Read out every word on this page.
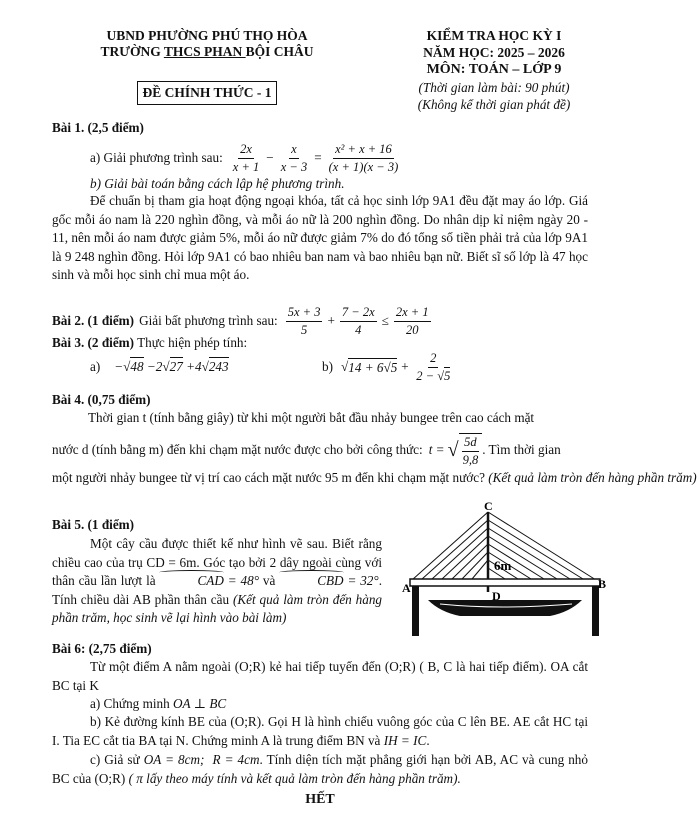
UBND PHƯỜNG PHÚ THỌ HÒA
TRƯỜNG THCS PHAN BỘI CHÂU
ĐỀ CHÍNH THỨC - 1
KIỂM TRA HỌC KỲ I
NĂM HỌC: 2025 – 2026
MÔN: TOÁN – LỚP 9
(Thời gian làm bài: 90 phút)
(Không kể thời gian phát đề)
Bài 1. (2,5 điểm)
a) Giải phương trình sau: $\frac{2x}{x + 1} - \frac{x}{x - 3} = \frac{\text{x² + x + 16}}{(x + 1)(x - 3)}$
b) Giải bài toán bằng cách lập hệ phương trình.
Để chuẩn bị tham gia hoạt động ngoại khóa, tất cả học sinh lớp 9A1 đều đặt may áo lớp. Giá gốc mỗi áo nam là 220 nghìn đồng, và mỗi áo nữ là 200 nghìn đồng. Do nhân dịp kỉ niệm ngày 20 - 11, nên mỗi áo nam được giảm 5%, mỗi áo nữ được giảm 7% do đó tổng số tiền phải trả của lớp 9A1 là 9 248 nghìn đồng. Hỏi lớp 9A1 có bao nhiêu ban nam và bao nhiêu bạn nữ. Biết sĩ số lớp là 47 học sinh và mỗi học sinh chỉ mua một áo.
Bài 2. (1 điểm) Giải bất phương trình sau: $\frac{5x + 3}{5} + \frac{7 - 2x}{4} \le \frac{2x + 1}{20}$
Bài 3. (2 điểm) Thực hiện phép tính:
a) −√48 −2√27 +4√243	b) √ $14 + 6√5 + \frac{2}{2 - √5}$
Bài 4. (0,75 điểm)
Thời gian t (tính bằng giây) từ khi một người bắt đầu nhảy bungee trên cao cách mặt
nước d (tính bằng m) đến khi chạm mặt nước được cho bởi công thức: t = √ $\frac{5d}{9,8}$ . Tìm thời gian
một người nhảy bungee từ vị trí cao cách mặt nước 95 m đến khi chạm mặt nước? (Kết quả làm tròn đến hàng phần trăm)
Bài 5. (1 điểm)
Một cây cầu được thiết kế như hình vẽ sau. Biết rằng chiều cao của trụ CD = 6m. Góc tạo bởi 2 dây ngoài cùng với thân cầu lần lượt là	CAD = 48° và	CBD = 32°. Tính chiều dài AB phần thân cầu (Kết quả làm tròn đến hàng phần trăm, học sinh vẽ lại hình vào bài làm)
C
A	B
D
6m
Bài 6: (2,75 điểm)
Từ một điểm A nằm ngoài (O;R) kẻ hai tiếp tuyến đến (O;R) ( B, C là hai tiếp điểm). OA cắt BC tại K
a) Chứng minh OA ⊥ BC
b) Kẻ đường kính BE của (O;R). Gọi H là hình chiếu vuông góc của C lên BE. AE cắt HC tại I. Tia EC cắt tia BA tại N. Chứng minh A là trung điểm BN và IH = IC.
c) Giả sử OA = 8cm;  R = 4cm. Tính diện tích mặt phẳng giới hạn bởi AB, AC và cung nhỏ BC của (O;R) ( π lấy theo máy tính và kết quả làm tròn đến hàng phần trăm).
HẾT
